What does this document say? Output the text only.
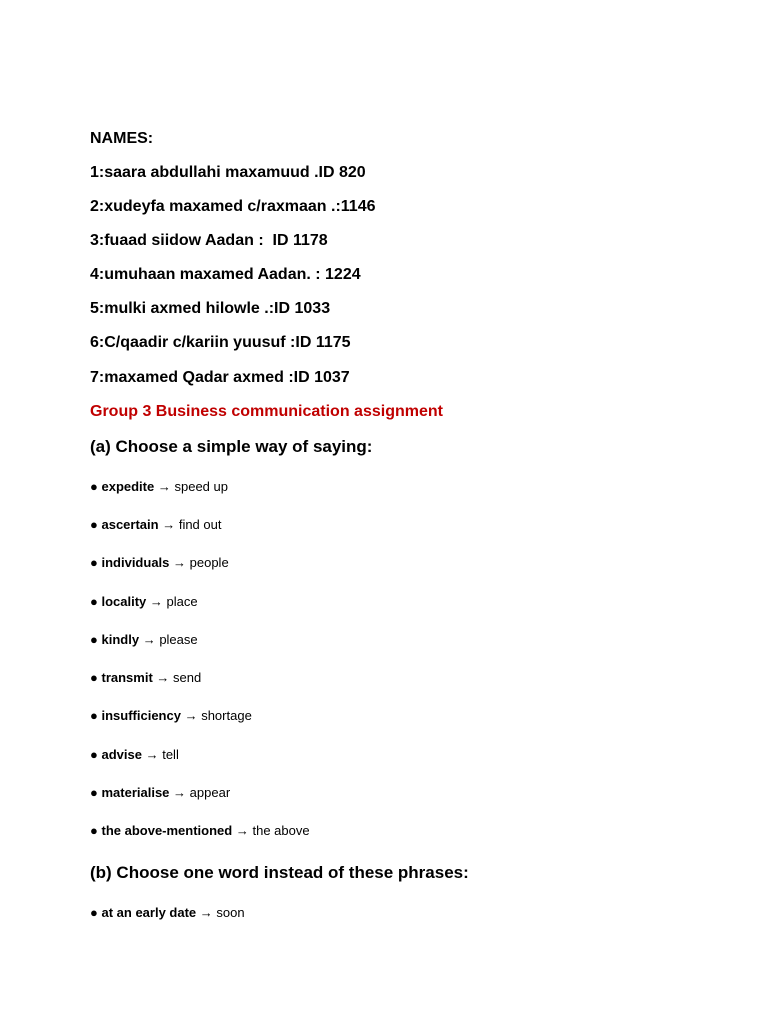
NAMES:
1:saara abdullahi maxamuud .ID 820
2:xudeyfa maxamed c/raxmaan .:1146
3:fuaad siidow Aadan :  ID 1178
4:umuhaan maxamed Aadan. : 1224
5:mulki axmed hilowle .:ID 1033
6:C/qaadir c/kariin yuusuf :ID 1175
7:maxamed Qadar axmed :ID 1037
Group 3 Business communication assignment
(a) Choose a simple way of saying:
● expedite → speed up
● ascertain → find out
● individuals → people
● locality → place
● kindly → please
● transmit → send
● insufficiency → shortage
● advise → tell
● materialise → appear
● the above-mentioned → the above
(b) Choose one word instead of these phrases:
● at an early date → soon
